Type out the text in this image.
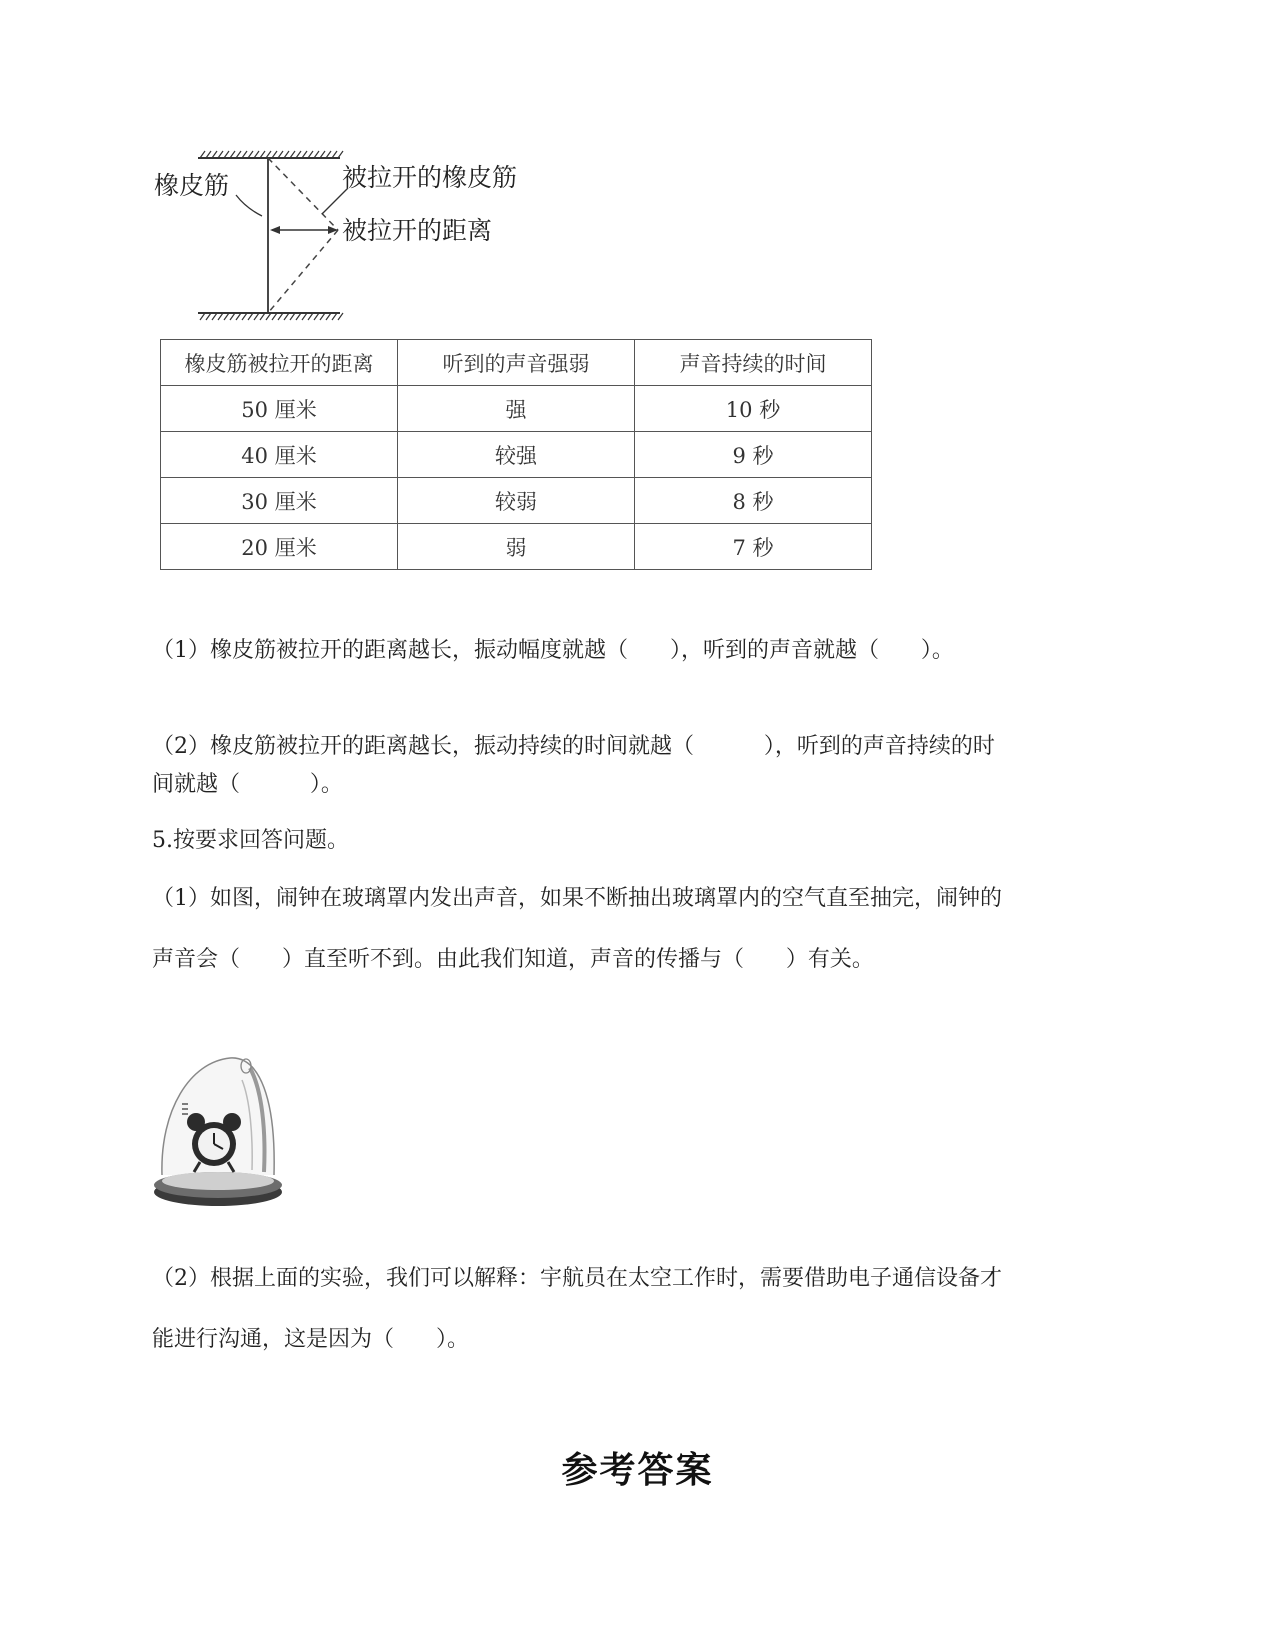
橡皮筋	被拉开的橡皮筋
被拉开的距离
橡皮筋被拉开的距离	听到的声音强弱	声音持续的时间
50 厘米	强	10 秒
40 厘米	较强	9 秒
30 厘米	较弱	8 秒
20 厘米	弱	7 秒
（1）橡皮筋被拉开的距离越长，振动幅度就越（      ），听到的声音就越（      ）。
（2）橡皮筋被拉开的距离越长，振动持续的时间就越（          ），听到的声音持续的时
间就越（          ）。
5.按要求回答问题。
（1）如图，闹钟在玻璃罩内发出声音，如果不断抽出玻璃罩内的空气直至抽完，闹钟的
声音会（      ）直至听不到。由此我们知道，声音的传播与（      ）有关。
（2）根据上面的实验，我们可以解释：宇航员在太空工作时，需要借助电子通信设备才
能进行沟通，这是因为（      ）。
参考答案
